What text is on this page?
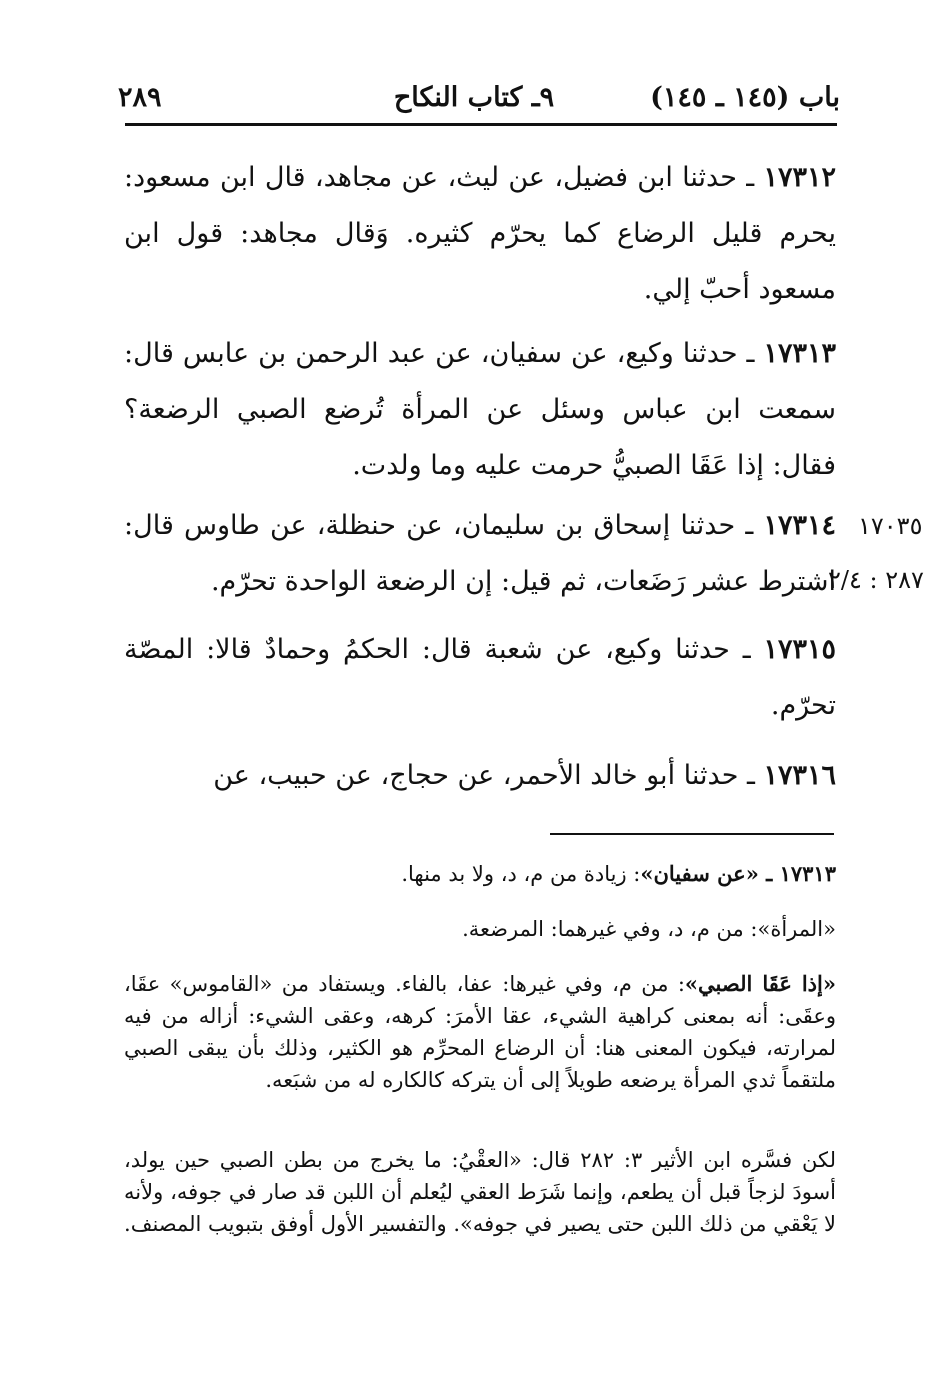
باب (١٤٥ ـ ١٤٥)
٩ـ كتاب النكاح
٢٨٩
١٧٣١٢ ـ حدثنا ابن فضيل، عن ليث، عن مجاهد، قال ابن مسعود: يحرم قليل الرضاع كما يحرّم كثيره. وَقال مجاهد: قول ابن مسعود أحبّ إلي.
١٧٣١٣ ـ حدثنا وكيع، عن سفيان، عن عبد الرحمن بن عابس قال: سمعت ابن عباس وسئل عن المرأة تُرضع الصبي الرضعة؟ فقال: إذا عَقَا الصبيُّ حرمت عليه وما ولدت.
١٧٣١٤ ـ حدثنا إسحاق بن سليمان، عن حنظلة، عن طاوس قال: اشترط عشر رَضَعات، ثم قيل: إن الرضعة الواحدة تحرّم.
١٧٣١٥ ـ حدثنا وكيع، عن شعبة قال: الحكمُ وحمادٌ قالا: المصّة تحرّم.
١٧٣١٦ ـ حدثنا أبو خالد الأحمر، عن حجاج، عن حبيب، عن
١٧٠٣٥
٢٨٧ : ٢/٤
١٧٣١٣ ـ «عن سفيان»: زيادة من م، د، ولا بد منها.
«المرأة»: من م، د، وفي غيرهما: المرضعة.
«إذا عَقَا الصبي»: من م، وفي غيرها: عفا، بالفاء. ويستفاد من «القاموس» عقَا، وعقَى: أنه بمعنى كراهية الشيء، عقا الأمرَ: كرهه، وعقى الشيء: أزاله من فيه لمرارته، فيكون المعنى هنا: أن الرضاع المحرِّم هو الكثير، وذلك بأن يبقى الصبي ملتقماً ثدي المرأة يرضعه طويلاً إلى أن يتركه كالكاره له من شبَعه.
لكن فسَّره ابن الأثير ٣: ٢٨٢ قال: «العقْيُ: ما يخرج من بطن الصبي حين يولد، أسودَ لزجاً قبل أن يطعم، وإنما شَرَط العقي ليُعلم أن اللبن قد صار في جوفه، ولأنه لا يَعْقي من ذلك اللبن حتى يصير في جوفه». والتفسير الأول أوفق بتبويب المصنف.
